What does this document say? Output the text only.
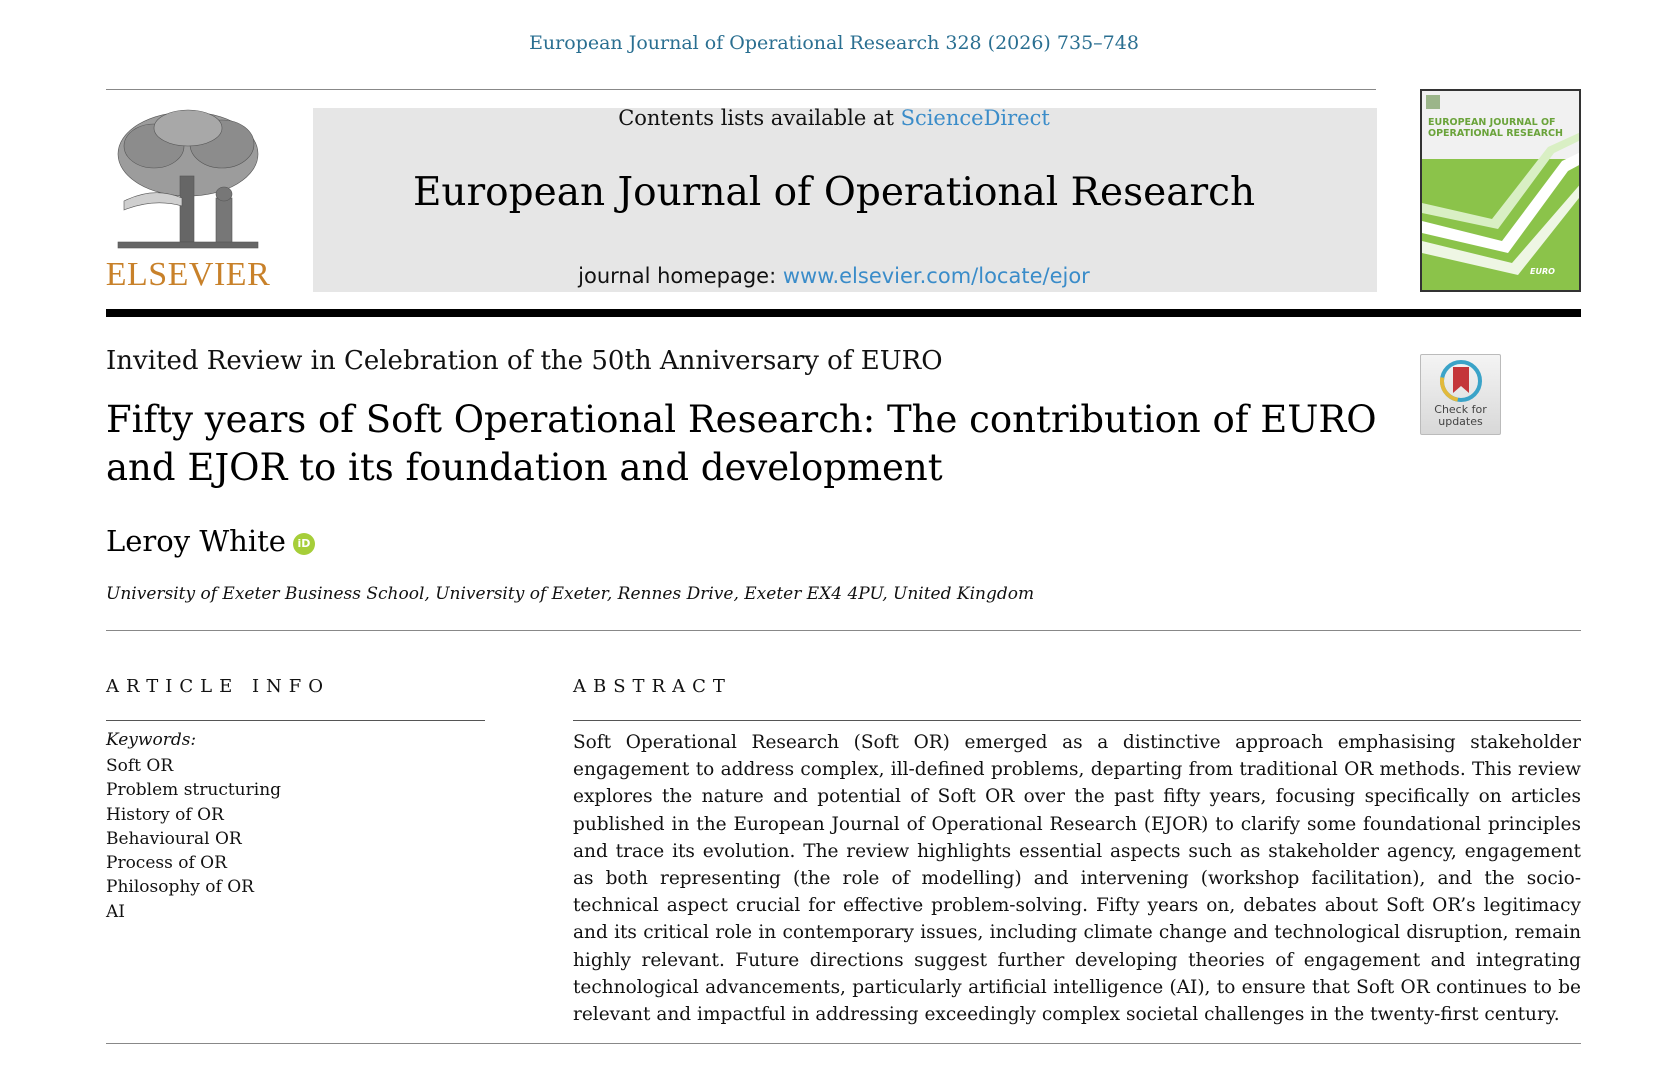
European Journal of Operational Research 328 (2026) 735–748
ELSEVIER
Contents lists available at ScienceDirect
European Journal of Operational Research
journal homepage: www.elsevier.com/locate/ejor
EUROPEAN JOURNAL OF
OPERATIONAL RESEARCH
EURO
Invited Review in Celebration of the 50th Anniversary of EURO
Check for
updates
Fifty years of Soft Operational Research: The contribution of EURO and EJOR to its foundation and development
Leroy White iD
University of Exeter Business School, University of Exeter, Rennes Drive, Exeter EX4 4PU, United Kingdom
ARTICLE INFO
Keywords:
Soft OR
Problem structuring
History of OR
Behavioural OR
Process of OR
Philosophy of OR
AI
ABSTRACT

Soft Operational Research (Soft OR) emerged as a distinctive approach emphasising stakeholder engagement to address complex, ill-defined problems, departing from traditional OR methods. This review explores the nature and potential of Soft OR over the past fifty years, focusing specifically on articles published in the European Journal of Operational Research (EJOR) to clarify some foundational principles and trace its evolution. The review highlights essential aspects such as stakeholder agency, engagement as both representing (the role of modelling) and intervening (workshop facilitation), and the socio-technical aspect crucial for effective problem-solving. Fifty years on, debates about Soft OR’s legitimacy and its critical role in contemporary issues, including climate change and technological disruption, remain highly relevant. Future directions suggest further developing theories of engagement and integrating technological advancements, particularly artificial intelligence (AI), to ensure that Soft OR continues to be relevant and impactful in addressing exceedingly complex societal challenges in the twenty-first century.
